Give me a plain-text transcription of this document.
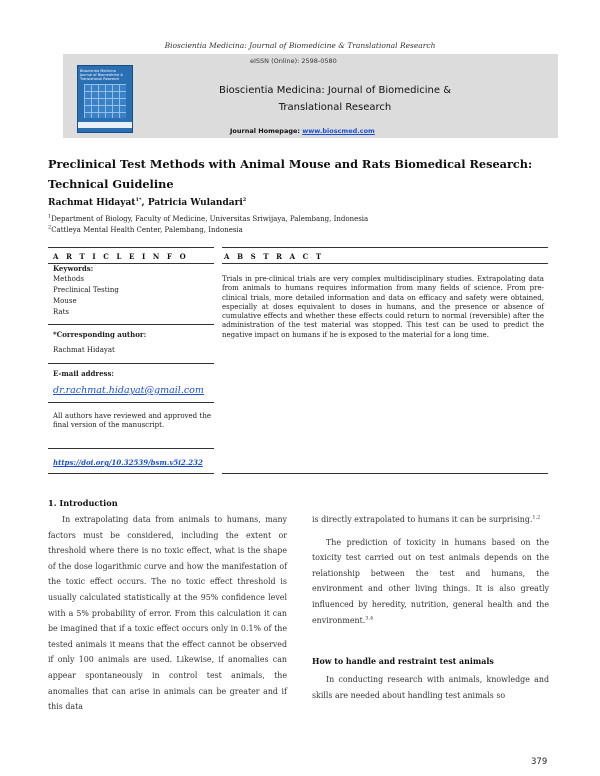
Bioscientia Medicina: Journal of Biomedicine & Translational Research
Bioscientia Medicina
Journal of Biomedicine & Translational Research
eISSN (Online): 2598-0580
Bioscientia Medicina: Journal of Biomedicine &
Translational Research
Journal Homepage: www.bioscmed.com
Preclinical Test Methods with Animal Mouse and Rats Biomedical Research: Technical Guideline
Rachmat Hidayat$^{1*}$, Patricia Wulandari$^2$
$^1$Department of Biology, Faculty of Medicine, Universitas Sriwijaya, Palembang, Indonesia
$^2$Cattleya Mental Health Center, Palembang, Indonesia
A R T I C L E I N F O
Keywords:
Methods
Preclinical Testing
Mouse
Rats
*Corresponding author:
Rachmat Hidayat
E-mail address:
dr.rachmat.hidayat@gmail.com
All authors have reviewed and approved the final version of the manuscript.
https://doi.org/10.32539/bsm.v5i2.232
A B S T R A C T
Trials in pre-clinical trials are very complex multidisciplinary studies. Extrapolating data from animals to humans requires information from many fields of science. From pre-clinical trials, more detailed information and data on efficacy and safety were obtained, especially at doses equivalent to doses in humans, and the presence or absence of cumulative effects and whether these effects could return to normal (reversible) after the administration of the test material was stopped. This test can be used to predict the negative impact on humans if he is exposed to the material for a long time.
1. Introduction

In extrapolating data from animals to humans, many factors must be considered, including the extent or threshold where there is no toxic effect, what is the shape of the dose logarithmic curve and how the manifestation of the toxic effect occurs. The no toxic effect threshold is usually calculated statistically at the 95% confidence level with a 5% probability of error. From this calculation it can be imagined that if a toxic effect occurs only in 0.1% of the tested animals it means that the effect cannot be observed if only 100 animals are used. Likewise, if anomalies can appear spontaneously in control test animals, the anomalies that can arise in animals can be greater and if this data

is directly extrapolated to humans it can be surprising.$^{1,2}$

The prediction of toxicity in humans based on the toxicity test carried out on test animals depends on the relationship between the test and humans, the environment and other living things. It is also greatly influenced by heredity, nutrition, general health and the environment.$^{3,4}$

How to handle and restraint test animals

In conducting research with animals, knowledge and skills are needed about handling test animals so

379
